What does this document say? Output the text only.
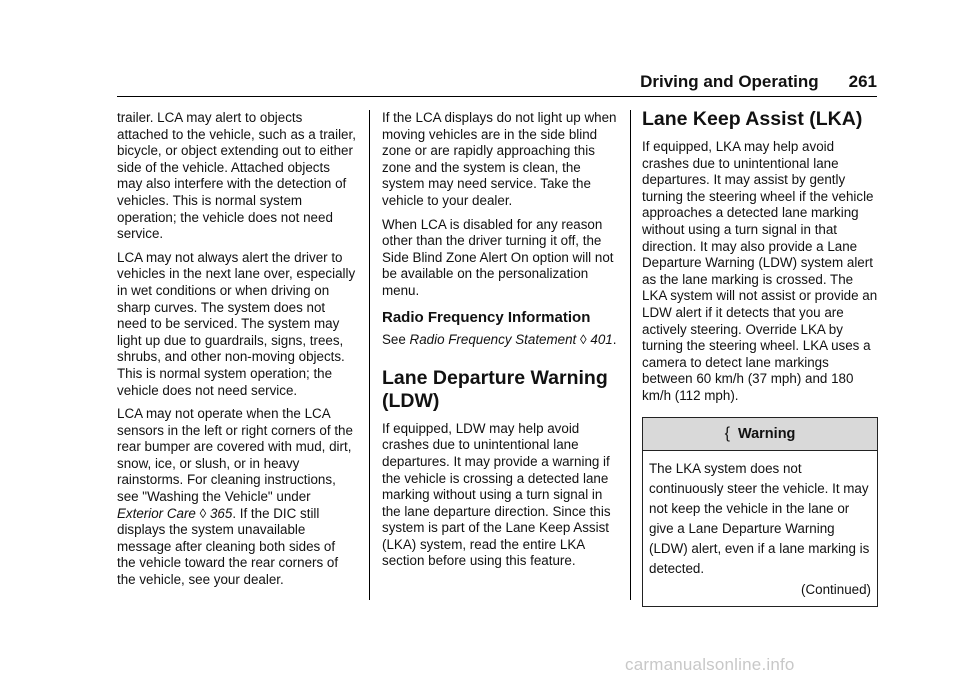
Driving and Operating 261

trailer. LCA may alert to objects attached to the vehicle, such as a trailer, bicycle, or object extending out to either side of the vehicle. Attached objects may also interfere with the detection of vehicles. This is normal system operation; the vehicle does not need service.

LCA may not always alert the driver to vehicles in the next lane over, especially in wet conditions or when driving on sharp curves. The system does not need to be serviced. The system may light up due to guardrails, signs, trees, shrubs, and other non-moving objects. This is normal system operation; the vehicle does not need service.

LCA may not operate when the LCA sensors in the left or right corners of the rear bumper are covered with mud, dirt, snow, ice, or slush, or in heavy rainstorms. For cleaning instructions, see "Washing the Vehicle" under Exterior Care ◊ 365. If the DIC still displays the system unavailable message after cleaning both sides of the vehicle toward the rear corners of the vehicle, see your dealer.

If the LCA displays do not light up when moving vehicles are in the side blind zone or are rapidly approaching this zone and the system is clean, the system may need service. Take the vehicle to your dealer.

When LCA is disabled for any reason other than the driver turning it off, the Side Blind Zone Alert On option will not be available on the personalization menu.

Radio Frequency Information

See Radio Frequency Statement ◊ 401.

Lane Departure Warning (LDW)

If equipped, LDW may help avoid crashes due to unintentional lane departures. It may provide a warning if the vehicle is crossing a detected lane marking without using a turn signal in the lane departure direction. Since this system is part of the Lane Keep Assist (LKA) system, read the entire LKA section before using this feature.

Lane Keep Assist (LKA)

If equipped, LKA may help avoid crashes due to unintentional lane departures. It may assist by gently turning the steering wheel if the vehicle approaches a detected lane marking without using a turn signal in that direction. It may also provide a Lane Departure Warning (LDW) system alert as the lane marking is crossed. The LKA system will not assist or provide an LDW alert if it detects that you are actively steering. Override LKA by turning the steering wheel. LKA uses a camera to detect lane markings between 60 km/h (37 mph) and 180 km/h (112 mph).

{ Warning
The LKA system does not continuously steer the vehicle. It may not keep the vehicle in the lane or give a Lane Departure Warning (LDW) alert, even if a lane marking is detected.
(Continued)
carmanualsonline.info
